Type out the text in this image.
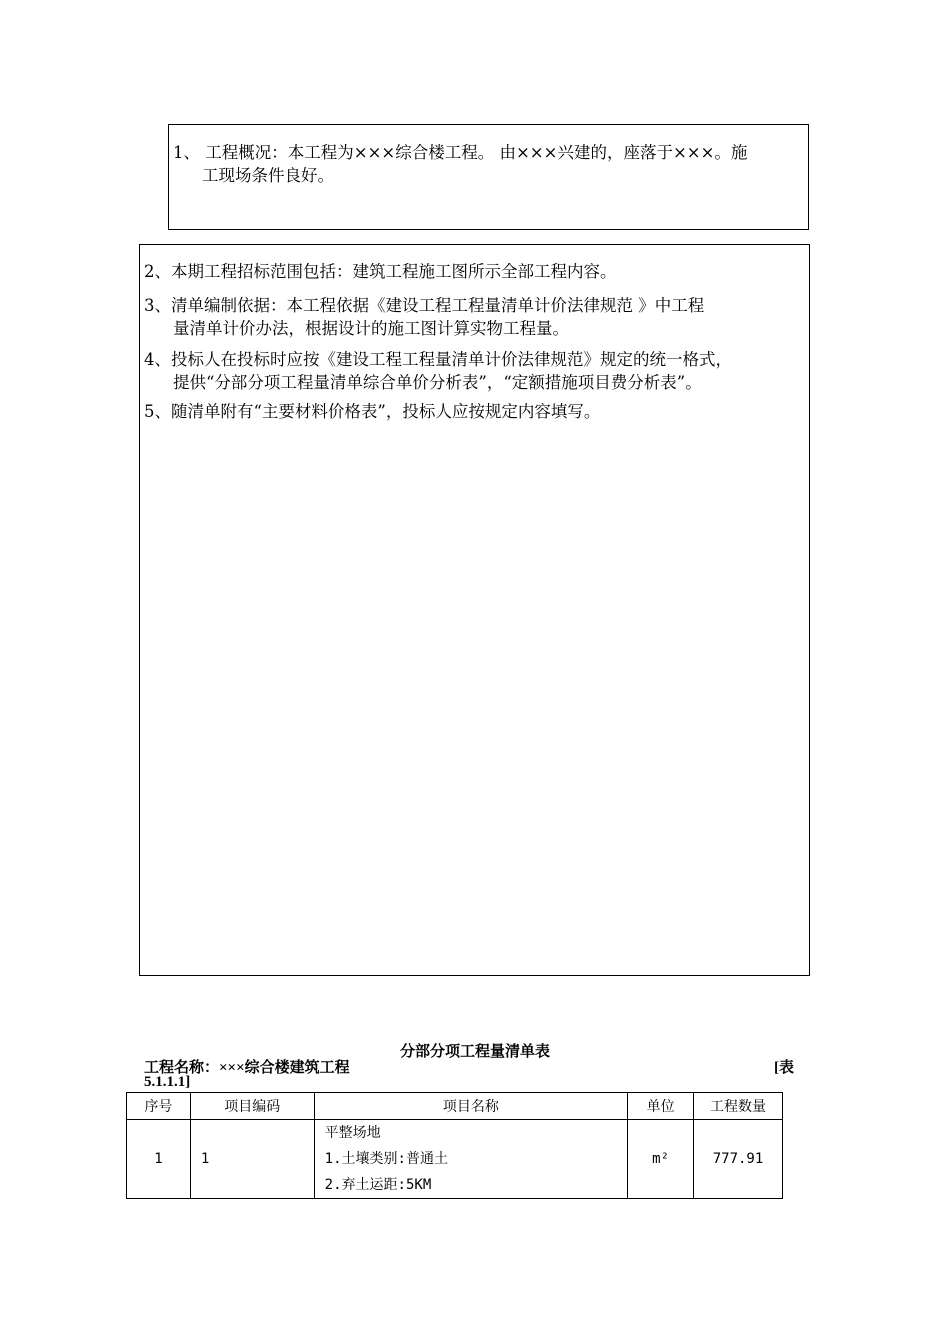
1、 工程概况：本工程为×××综合楼工程。 由×××兴建的，座落于×××。施
工现场条件良好。
2、本期工程招标范围包括：建筑工程施工图所示全部工程内容。
3、清单编制依据：本工程依据《建设工程工程量清单计价法律规范 》中工程
量清单计价办法，根据设计的施工图计算实物工程量。
4、投标人在投标时应按《建设工程工程量清单计价法律规范》规定的统一格式，
提供“分部分项工程量清单综合单价分析表”，“定额措施项目费分析表”。
5、随清单附有“主要材料价格表”，投标人应按规定内容填写。
分部分项工程量清单表
工程名称：×××综合楼建筑工程	[表
5.1.1.1]
序号	项目编码	项目名称	单位	工程数量
1	1	平整场地
1.土壤类别:普通土
2.弃土运距:5KM	m²	777.91
